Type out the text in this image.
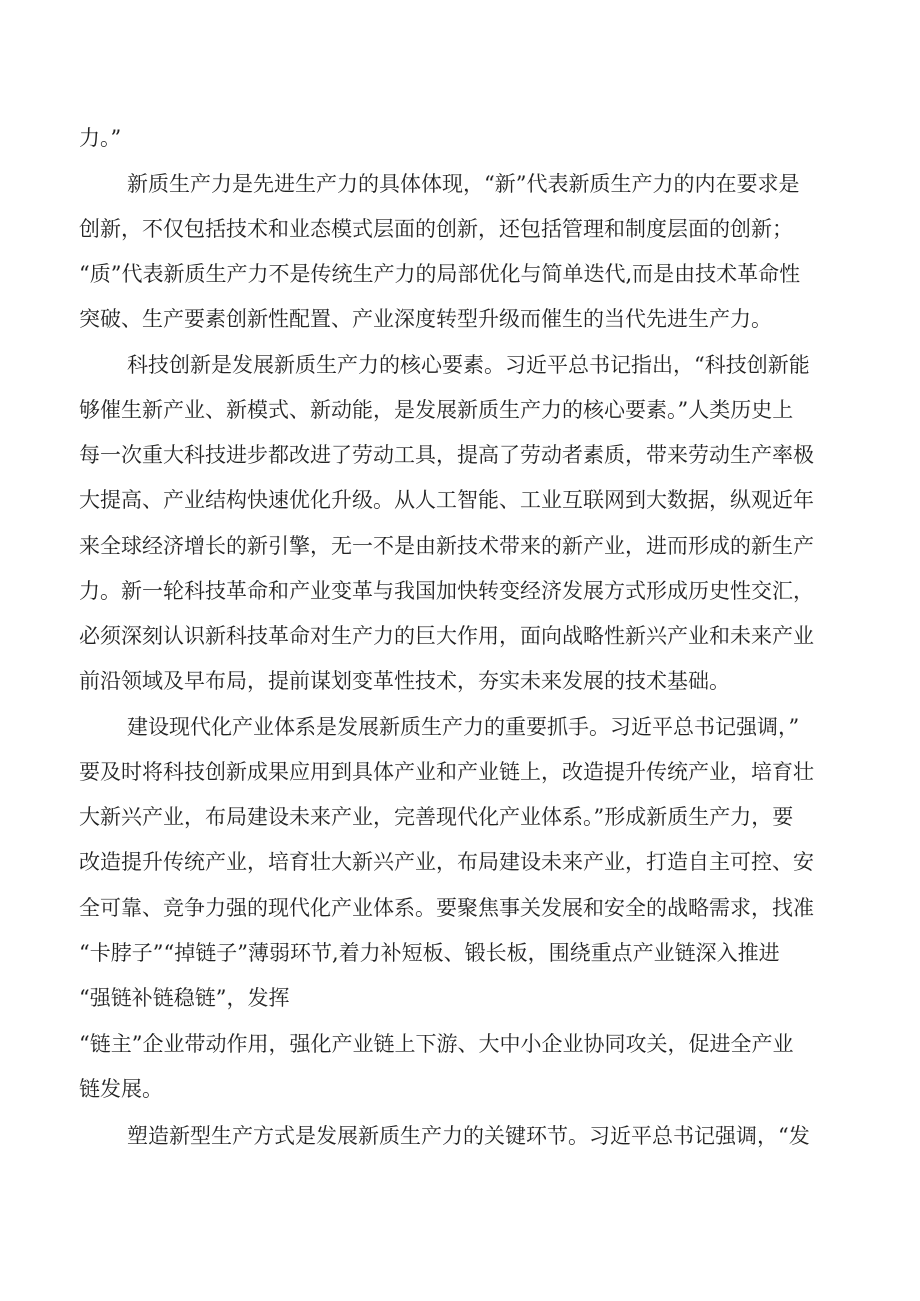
力。”

新质生产力是先进生产力的具体体现，“新”代表新质生产力的内在要求是

创新，不仅包括技术和业态模式层面的创新，还包括管理和制度层面的创新；

“质”代表新质生产力不是传统生产力的局部优化与简单迭代,而是由技术革命性

突破、生产要素创新性配置、产业深度转型升级而催生的当代先进生产力。

科技创新是发展新质生产力的核心要素。习近平总书记指出，“科技创新能

够催生新产业、新模式、新动能，是发展新质生产力的核心要素。”人类历史上

每一次重大科技进步都改进了劳动工具，提高了劳动者素质，带来劳动生产率极

大提高、产业结构快速优化升级。从人工智能、工业互联网到大数据，纵观近年

来全球经济增长的新引擎，无一不是由新技术带来的新产业，进而形成的新生产

力。新一轮科技革命和产业变革与我国加快转变经济发展方式形成历史性交汇，

必须深刻认识新科技革命对生产力的巨大作用，面向战略性新兴产业和未来产业

前沿领域及早布局，提前谋划变革性技术，夯实未来发展的技术基础。

建设现代化产业体系是发展新质生产力的重要抓手。习近平总书记强调，”

要及时将科技创新成果应用到具体产业和产业链上，改造提升传统产业，培育壮

大新兴产业，布局建设未来产业，完善现代化产业体系。”形成新质生产力，要

改造提升传统产业，培育壮大新兴产业，布局建设未来产业，打造自主可控、安

全可靠、竞争力强的现代化产业体系。要聚焦事关发展和安全的战略需求，找准

“卡脖子”“掉链子”薄弱环节,着力补短板、锻长板，围绕重点产业链深入推进

“强链补链稳链”，发挥

“链主”企业带动作用，强化产业链上下游、大中小企业协同攻关，促进全产业

链发展。

塑造新型生产方式是发展新质生产力的关键环节。习近平总书记强调，“发
